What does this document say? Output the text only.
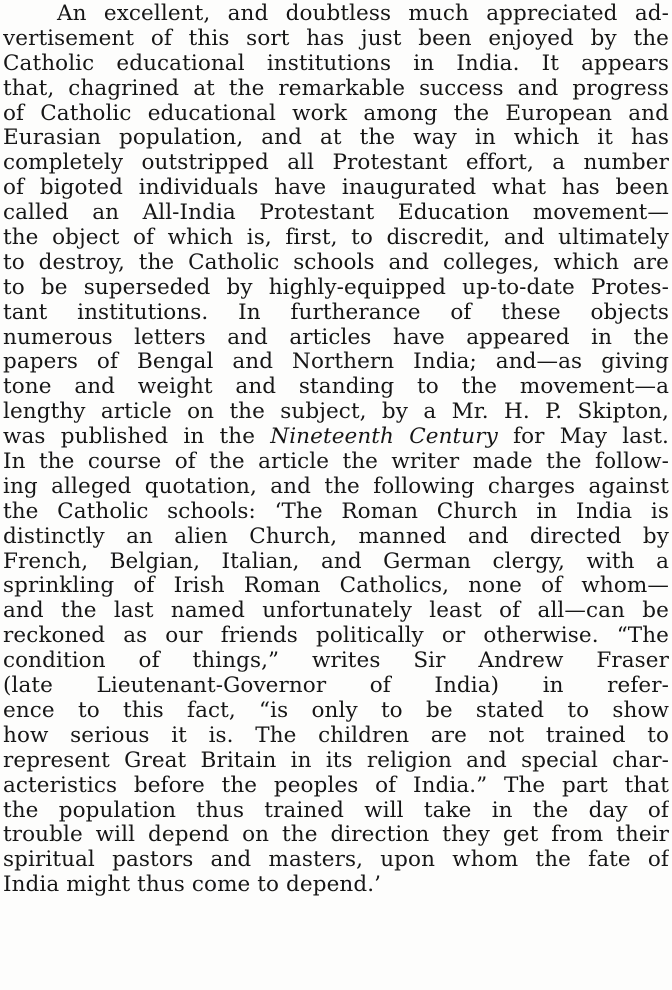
An excellent, and doubtless much appreciated ad-
vertisement of this sort has just been enjoyed by the
Catholic educational institutions in India. It appears
that, chagrined at the remarkable success and progress
of Catholic educational work among the European and
Eurasian population, and at the way in which it has
completely outstripped all Protestant effort, a number
of bigoted individuals have inaugurated what has been
called an All-India Protestant Education movement—
the object of which is, first, to discredit, and ultimately
to destroy, the Catholic schools and colleges, which are
to be superseded by highly-equipped up-to-date Protes-
tant institutions. In furtherance of these objects
numerous letters and articles have appeared in the
papers of Bengal and Northern India; and—as giving
tone and weight and standing to the movement—a
lengthy article on the subject, by a Mr. H. P. Skipton,
was published in the Nineteenth Century for May last.
In the course of the article the writer made the follow-
ing alleged quotation, and the following charges against
the Catholic schools: ‘The Roman Church in India is
distinctly an alien Church, manned and directed by
French, Belgian, Italian, and German clergy, with a
sprinkling of Irish Roman Catholics, none of whom—
and the last named unfortunately least of all—can be
reckoned as our friends politically or otherwise. “The
condition of things,” writes Sir Andrew Fraser
(late Lieutenant-Governor of India) in refer-
ence to this fact, “is only to be stated to show
how serious it is. The children are not trained to
represent Great Britain in its religion and special char-
acteristics before the peoples of India.” The part that
the population thus trained will take in the day of
trouble will depend on the direction they get from their
spiritual pastors and masters, upon whom the fate of
India might thus come to depend.’
